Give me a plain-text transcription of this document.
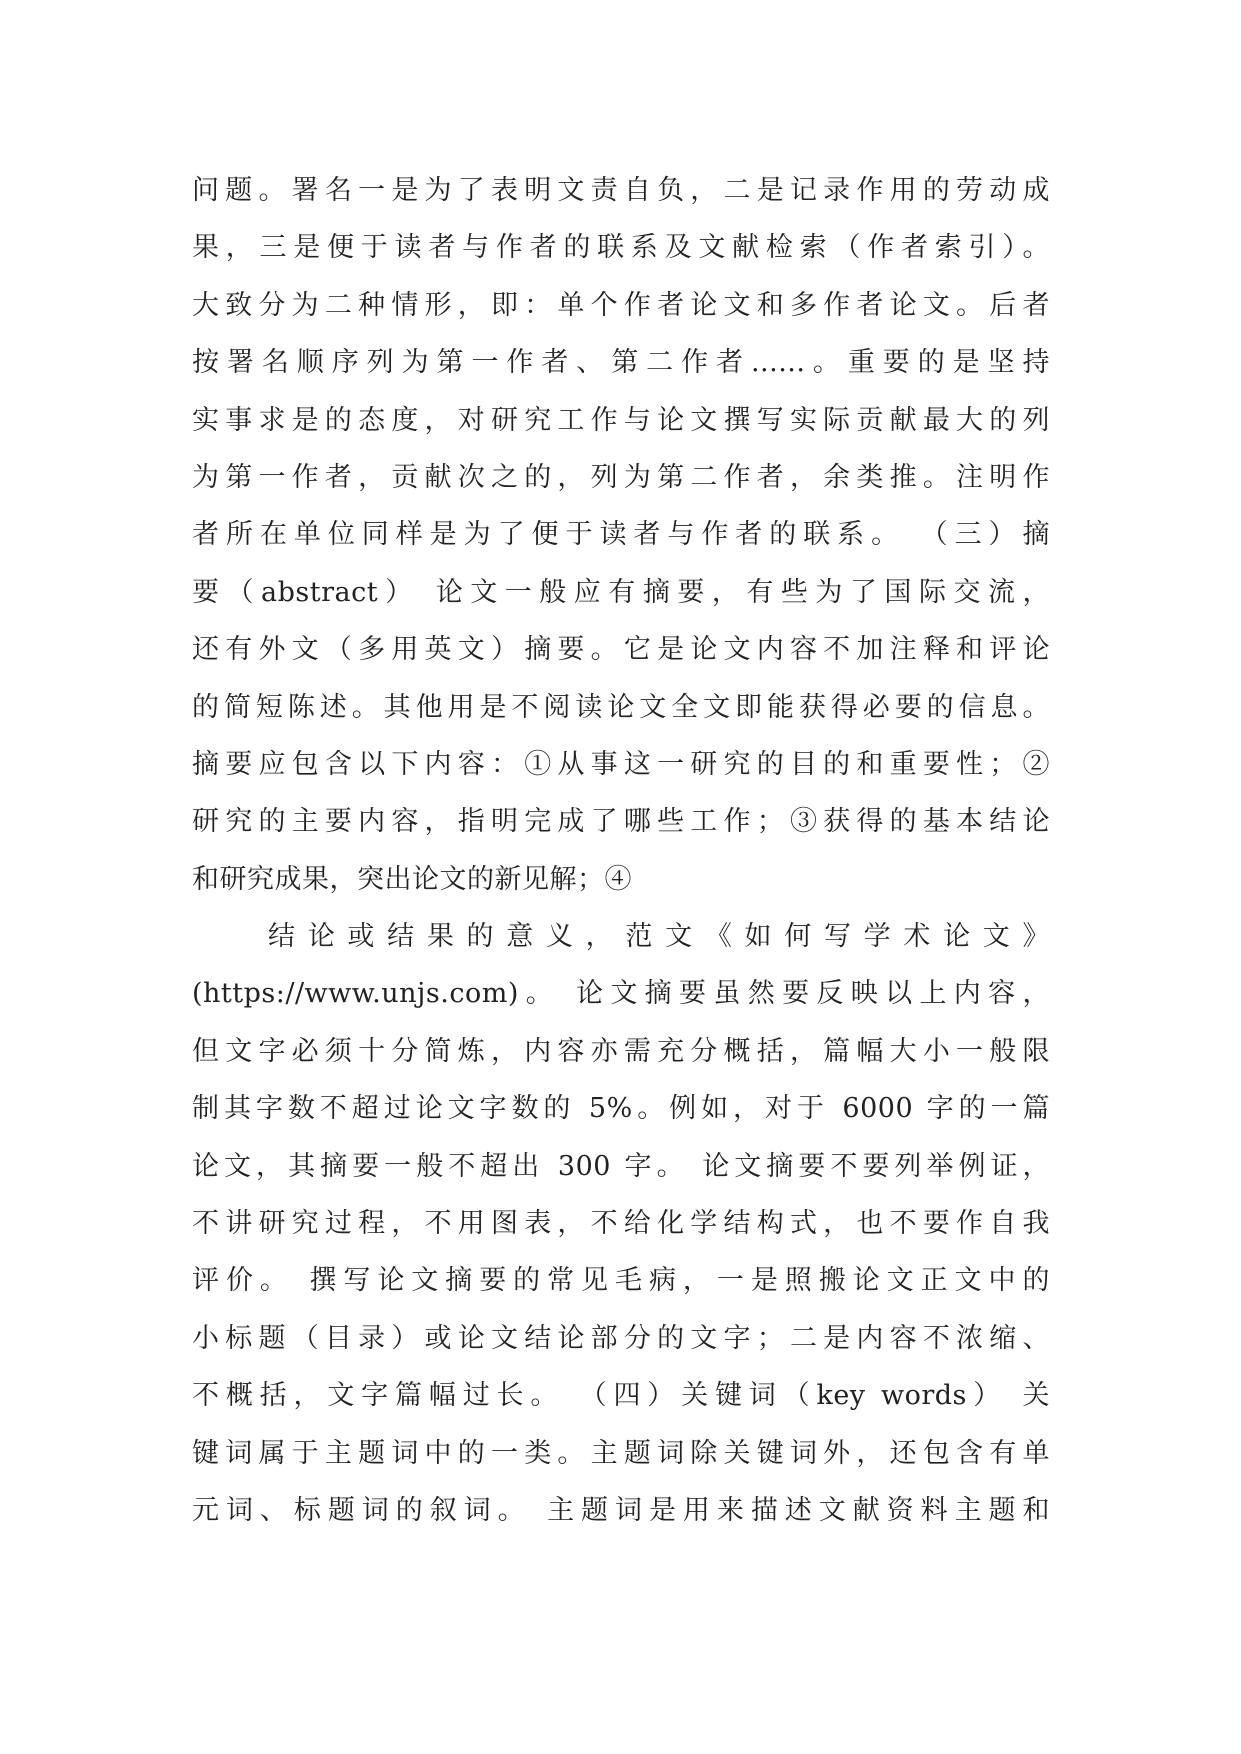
问题。署名一是为了表明文责自负，二是记录作用的劳动成
果，三是便于读者与作者的联系及文献检索（作者索引）。
大致分为二种情形，即：单个作者论文和多作者论文。后者
按署名顺序列为第一作者、第二作者......。重要的是坚持
实事求是的态度，对研究工作与论文撰写实际贡献最大的列
为第一作者，贡献次之的，列为第二作者，余类推。注明作
者所在单位同样是为了便于读者与作者的联系。 （三）摘
要（abstract） 论文一般应有摘要，有些为了国际交流，
还有外文（多用英文）摘要。它是论文内容不加注释和评论
的简短陈述。其他用是不阅读论文全文即能获得必要的信息。
摘要应包含以下内容：①从事这一研究的目的和重要性；②
研究的主要内容，指明完成了哪些工作；③获得的基本结论
和研究成果，突出论文的新见解；④
结论或结果的意义，范文《如何写学术论文》
(https://www.unjs.com)。 论文摘要虽然要反映以上内容，
但文字必须十分简炼，内容亦需充分概括，篇幅大小一般限
制其字数不超过论文字数的 5%。例如，对于 6000 字的一篇
论文，其摘要一般不超出 300 字。 论文摘要不要列举例证，
不讲研究过程，不用图表，不给化学结构式，也不要作自我
评价。 撰写论文摘要的常见毛病，一是照搬论文正文中的
小标题（目录）或论文结论部分的文字；二是内容不浓缩、
不概括，文字篇幅过长。 （四）关键词（key words） 关
键词属于主题词中的一类。主题词除关键词外，还包含有单
元词、标题词的叙词。 主题词是用来描述文献资料主题和
